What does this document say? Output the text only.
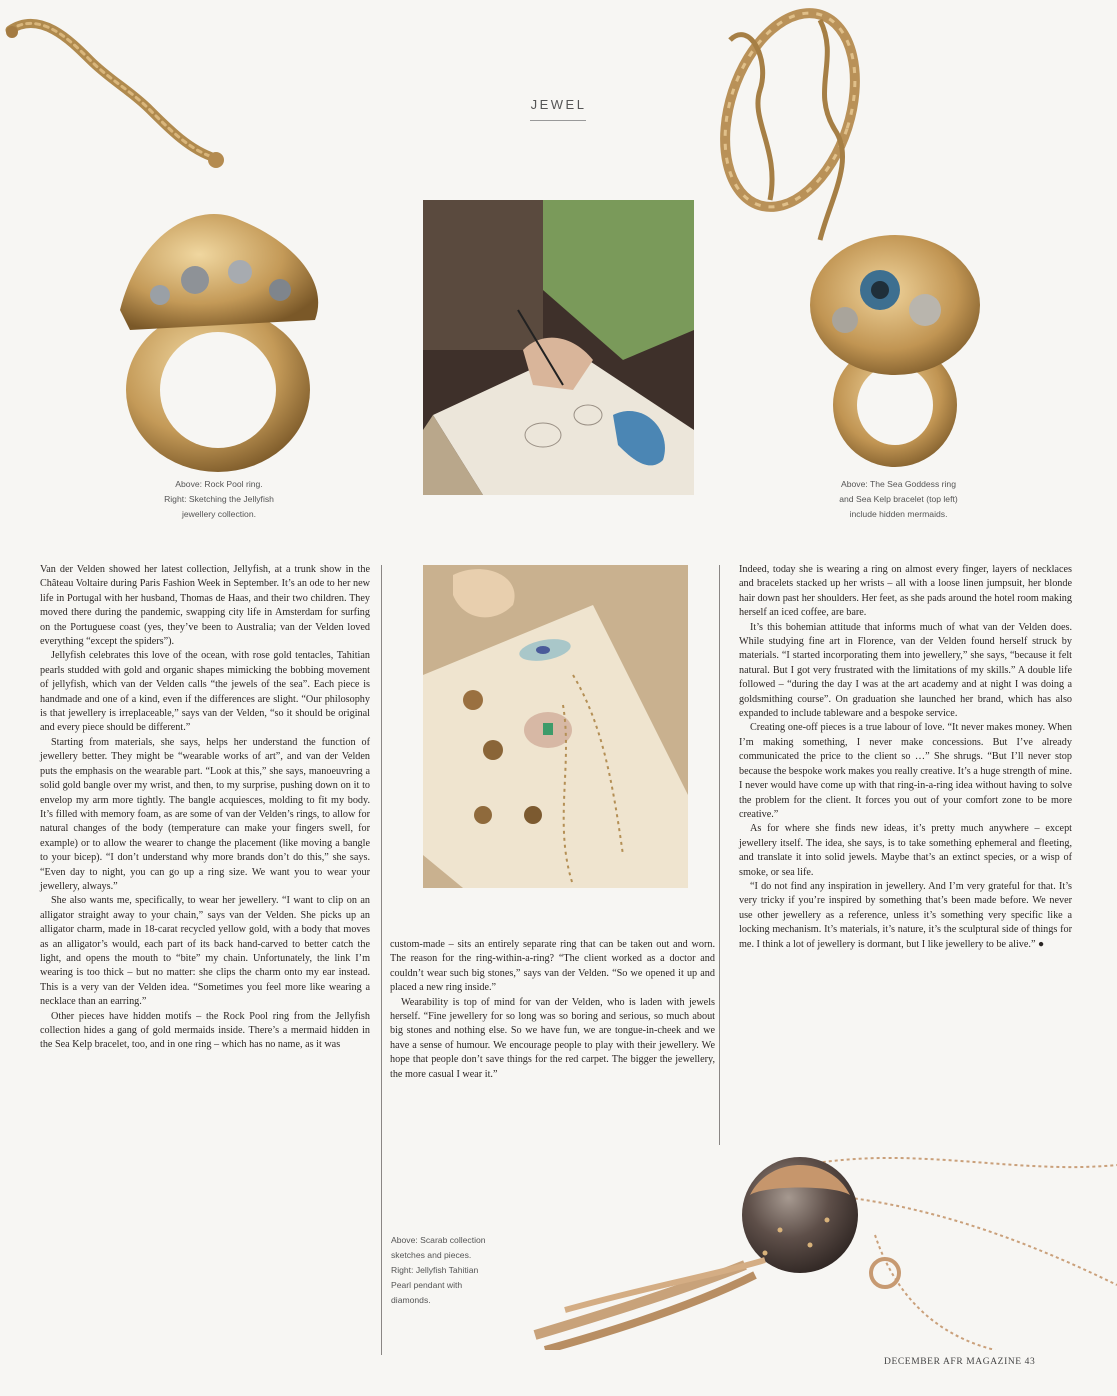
JEWEL
Above: Rock Pool ring.
Right: Sketching the Jellyfish
jewellery collection.
Above: The Sea Goddess ring
and Sea Kelp bracelet (top left)
include hidden mermaids.

Van der Velden showed her latest collection, Jellyfish, at a trunk show in the Château Voltaire during Paris Fashion Week in September. It’s an ode to her new life in Portugal with her husband, Thomas de Haas, and their two children. They moved there during the pandemic, swapping city life in Amsterdam for surfing on the Portuguese coast (yes, they’ve been to Australia; van der Velden loved everything “except the spiders”).

Jellyfish celebrates this love of the ocean, with rose gold tentacles, Tahitian pearls studded with gold and organic shapes mimicking the bobbing movement of jellyfish, which van der Velden calls “the jewels of the sea”. Each piece is handmade and one of a kind, even if the differences are slight. “Our philosophy is that jewellery is irreplaceable,” says van der Velden, “so it should be original and every piece should be different.”

Starting from materials, she says, helps her understand the function of jewellery better. They might be “wearable works of art”, and van der Velden puts the emphasis on the wearable part. “Look at this,” she says, manoeuvring a solid gold bangle over my wrist, and then, to my surprise, pushing down on it to envelop my arm more tightly. The bangle acquiesces, molding to fit my body. It’s filled with memory foam, as are some of van der Velden’s rings, to allow for natural changes of the body (temperature can make your fingers swell, for example) or to allow the wearer to change the placement (like moving a bangle to your bicep). “I don’t understand why more brands don’t do this,” she says. “Even day to night, you can go up a ring size. We want you to wear your jewellery, always.”

She also wants me, specifically, to wear her jewellery. “I want to clip on an alligator straight away to your chain,” says van der Velden. She picks up an alligator charm, made in 18-carat recycled yellow gold, with a body that moves as an alligator’s would, each part of its back hand-carved to better catch the light, and opens the mouth to “bite” my chain. Unfortunately, the link I’m wearing is too thick – but no matter: she clips the charm onto my ear instead. This is a very van der Velden idea. “Sometimes you feel more like wearing a necklace than an earring.”

Other pieces have hidden motifs – the Rock Pool ring from the Jellyfish collection hides a gang of gold mermaids inside. There’s a mermaid hidden in the Sea Kelp bracelet, too, and in one ring – which has no name, as it was

custom-made – sits an entirely separate ring that can be taken out and worn. The reason for the ring-within-a-ring? “The client worked as a doctor and couldn’t wear such big stones,” says van der Velden. “So we opened it up and placed a new ring inside.”

Wearability is top of mind for van der Velden, who is laden with jewels herself. “Fine jewellery for so long was so boring and serious, so much about big stones and nothing else. So we have fun, we are tongue-in-cheek and we have a sense of humour. We encourage people to play with their jewellery. We hope that people don’t save things for the red carpet. The bigger the jewellery, the more casual I wear it.”

Above: Scarab collection
sketches and pieces.
Right: Jellyfish Tahitian
Pearl pendant with
diamonds.

Indeed, today she is wearing a ring on almost every finger, layers of necklaces and bracelets stacked up her wrists – all with a loose linen jumpsuit, her blonde hair down past her shoulders. Her feet, as she pads around the hotel room making herself an iced coffee, are bare.

It’s this bohemian attitude that informs much of what van der Velden does. While studying fine art in Florence, van der Velden found herself struck by materials. “I started incorporating them into jewellery,” she says, “because it felt natural. But I got very frustrated with the limitations of my skills.” A double life followed – “during the day I was at the art academy and at night I was doing a goldsmithing course”. On graduation she launched her brand, which has also expanded to include tableware and a bespoke service.

Creating one-off pieces is a true labour of love. “It never makes money. When I’m making something, I never make concessions. But I’ve already communicated the price to the client so …” She shrugs. “But I’ll never stop because the bespoke work makes you really creative. It’s a huge strength of mine. I never would have come up with that ring-in-a-ring idea without having to solve the problem for the client. It forces you out of your comfort zone to be more creative.”

As for where she finds new ideas, it’s pretty much anywhere – except jewellery itself. The idea, she says, is to take something ephemeral and fleeting, and translate it into solid jewels. Maybe that’s an extinct species, or a wisp of smoke, or sea life.

“I do not find any inspiration in jewellery. And I’m very grateful for that. It’s very tricky if you’re inspired by something that’s been made before. We never use other jewellery as a reference, unless it’s something very specific like a locking mechanism. It’s materials, it’s nature, it’s the sculptural side of things for me. I think a lot of jewellery is dormant, but I like jewellery to be alive.” ●

DECEMBER AFR MAGAZINE 43
